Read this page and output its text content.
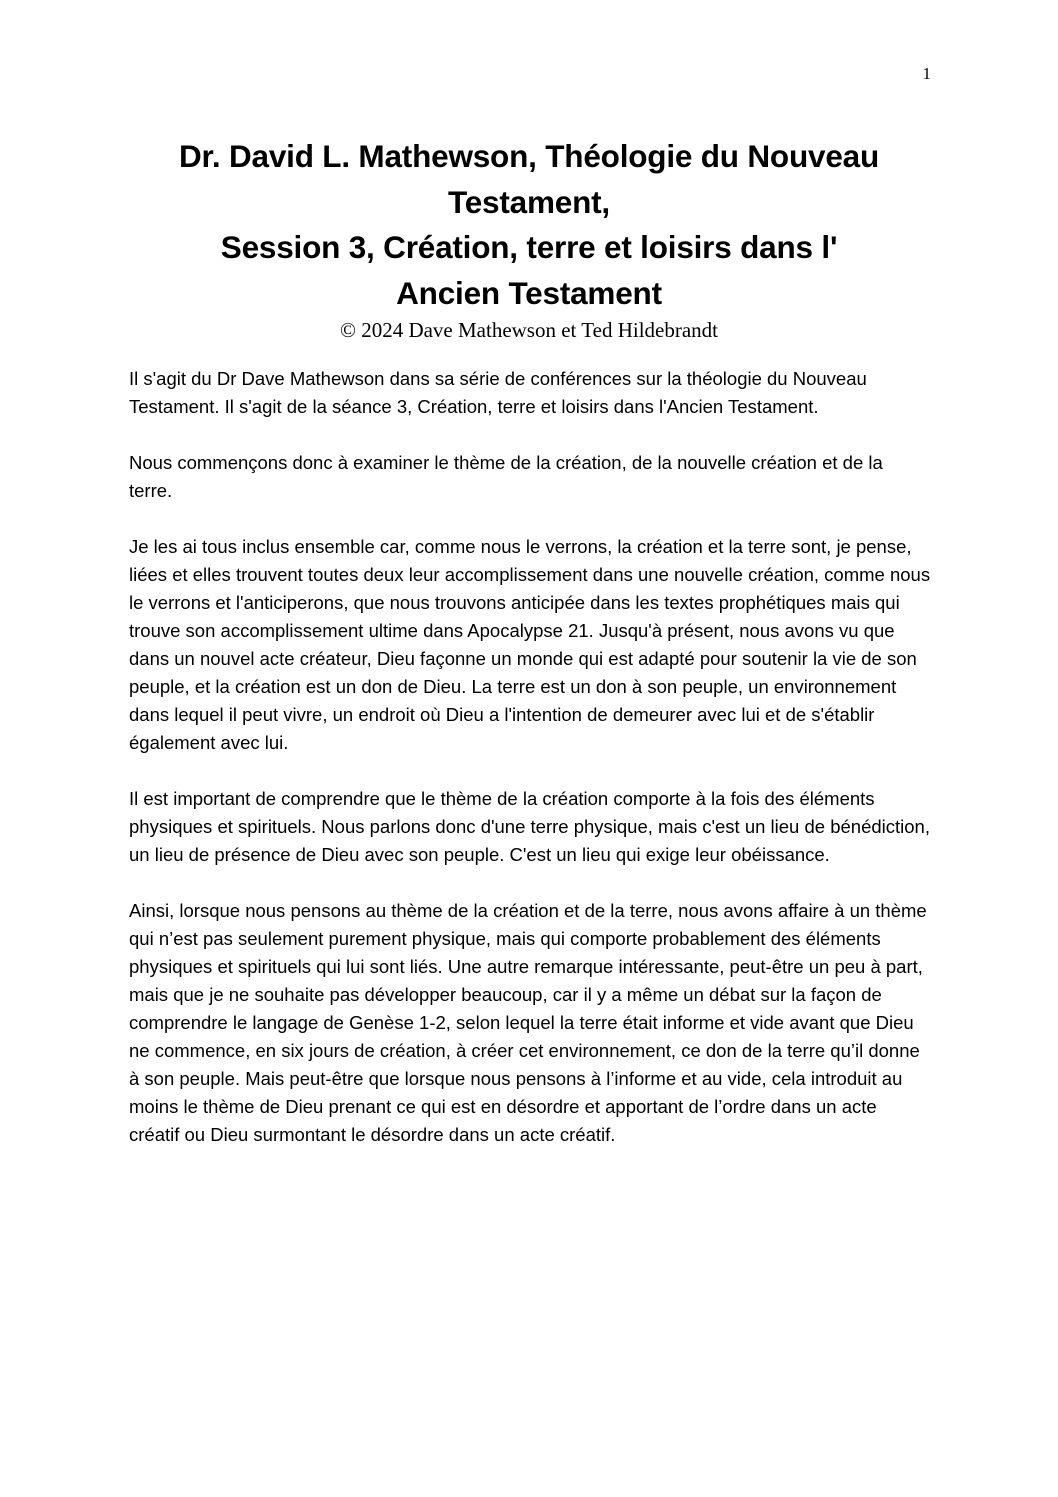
1
Dr. David L. Mathewson, Théologie du Nouveau
Testament,
Session 3, Création, terre et loisirs dans l'
Ancien Testament
© 2024 Dave Mathewson et Ted Hildebrandt

Il s'agit du Dr Dave Mathewson dans sa série de conférences sur la théologie du Nouveau Testament. Il s'agit de la séance 3, Création, terre et loisirs dans l'Ancien Testament.

Nous commençons donc à examiner le thème de la création, de la nouvelle création et de la terre.

Je les ai tous inclus ensemble car, comme nous le verrons, la création et la terre sont, je pense, liées et elles trouvent toutes deux leur accomplissement dans une nouvelle création, comme nous le verrons et l'anticiperons, que nous trouvons anticipée dans les textes prophétiques mais qui trouve son accomplissement ultime dans Apocalypse 21. Jusqu'à présent, nous avons vu que dans un nouvel acte créateur, Dieu façonne un monde qui est adapté pour soutenir la vie de son peuple, et la création est un don de Dieu. La terre est un don à son peuple, un environnement dans lequel il peut vivre, un endroit où Dieu a l'intention de demeurer avec lui et de s'établir également avec lui.

Il est important de comprendre que le thème de la création comporte à la fois des éléments physiques et spirituels. Nous parlons donc d'une terre physique, mais c'est un lieu de bénédiction, un lieu de présence de Dieu avec son peuple. C'est un lieu qui exige leur obéissance.

Ainsi, lorsque nous pensons au thème de la création et de la terre, nous avons affaire à un thème qui n’est pas seulement purement physique, mais qui comporte probablement des éléments physiques et spirituels qui lui sont liés. Une autre remarque intéressante, peut-être un peu à part, mais que je ne souhaite pas développer beaucoup, car il y a même un débat sur la façon de comprendre le langage de Genèse 1-2, selon lequel la terre était informe et vide avant que Dieu ne commence, en six jours de création, à créer cet environnement, ce don de la terre qu’il donne à son peuple. Mais peut-être que lorsque nous pensons à l’informe et au vide, cela introduit au moins le thème de Dieu prenant ce qui est en désordre et apportant de l’ordre dans un acte créatif ou Dieu surmontant le désordre dans un acte créatif.
